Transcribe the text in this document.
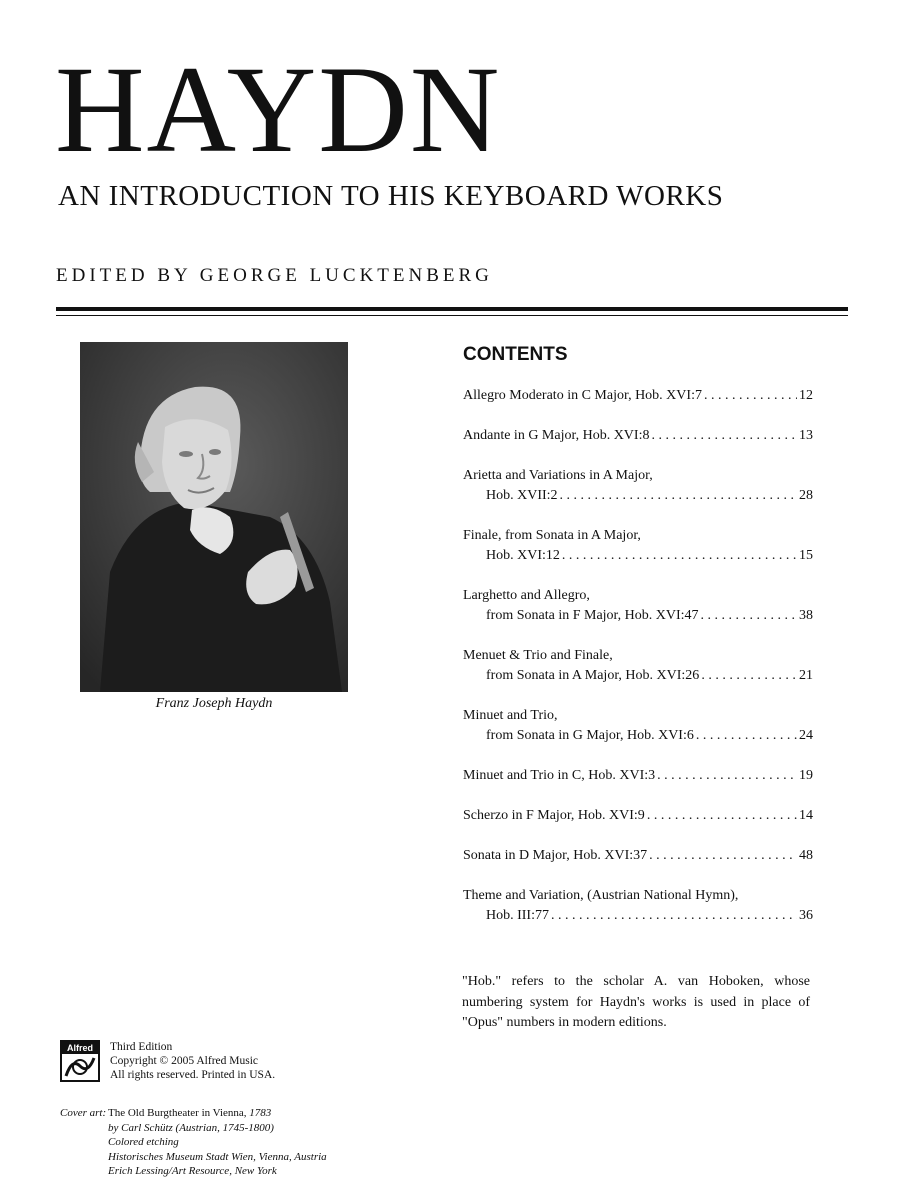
HAYDN
AN INTRODUCTION TO HIS KEYBOARD WORKS
EDITED BY GEORGE LUCKTENBERG
Franz Joseph Haydn
CONTENTS
Allegro Moderato in C Major, Hob. XVI:7 . . .	12
Andante in G Major, Hob. XVI:8 . . .	13
Arietta and Variations in A Major,
Hob. XVII:2 . . .	28
Finale, from Sonata in A Major,
Hob. XVI:12 . . .	15
Larghetto and Allegro,
from Sonata in F Major, Hob. XVI:47 . . .	38
Menuet & Trio and Finale,
from Sonata in A Major, Hob. XVI:26 . . .	21
Minuet and Trio,
from Sonata in G Major, Hob. XVI:6 . . .	24
Minuet and Trio in C, Hob. XVI:3 . . .	19
Scherzo in F Major, Hob. XVI:9 . . .	14
Sonata in D Major, Hob. XVI:37 . . .	48
Theme and Variation, (Austrian National Hymn),
Hob. III:77 . . .	36
"Hob." refers to the scholar A. van Hoboken, whose numbering system for Haydn's works is used in place of "Opus" numbers in modern editions.
Alfred	Third Edition
Copyright © 2005 Alfred Music
All rights reserved. Printed in USA.
Cover art: The Old Burgtheater in Vienna, 1783
by Carl Schütz (Austrian, 1745-1800)
Colored etching
Historisches Museum Stadt Wien, Vienna, Austria
Erich Lessing/Art Resource, New York
